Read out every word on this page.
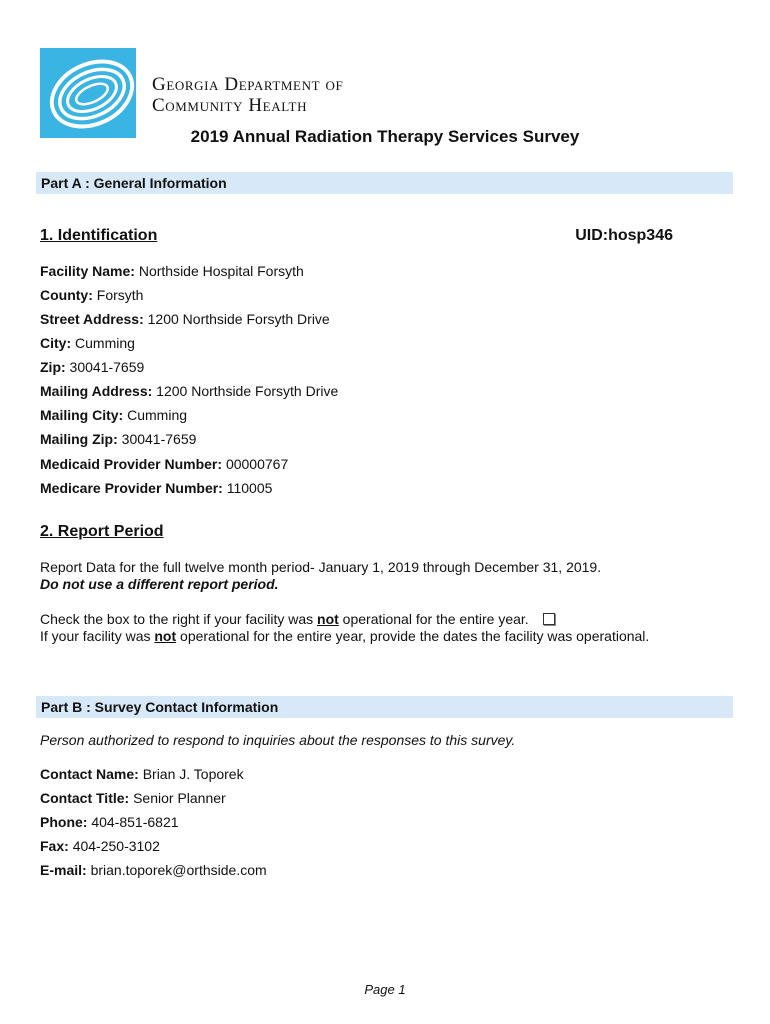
Georgia Department of
Community Health
2019 Annual Radiation Therapy Services Survey
Part A : General Information
1. Identification	UID:hosp346
Facility Name: Northside Hospital Forsyth
County: Forsyth
Street Address: 1200 Northside Forsyth Drive
City: Cumming
Zip: 30041-7659
Mailing Address: 1200 Northside Forsyth Drive
Mailing City: Cumming
Mailing Zip: 30041-7659
Medicaid Provider Number: 00000767
Medicare Provider Number: 110005
2. Report Period
Report Data for the full twelve month period- January 1, 2019 through December 31, 2019.
Do not use a different report period.
Check the box to the right if your facility was not operational for the entire year.
If your facility was not operational for the entire year, provide the dates the facility was operational.
Part B : Survey Contact Information
Person authorized to respond to inquiries about the responses to this survey.
Contact Name: Brian J. Toporek
Contact Title: Senior Planner
Phone: 404-851-6821
Fax: 404-250-3102
E-mail: brian.toporek@orthside.com
Page 1
